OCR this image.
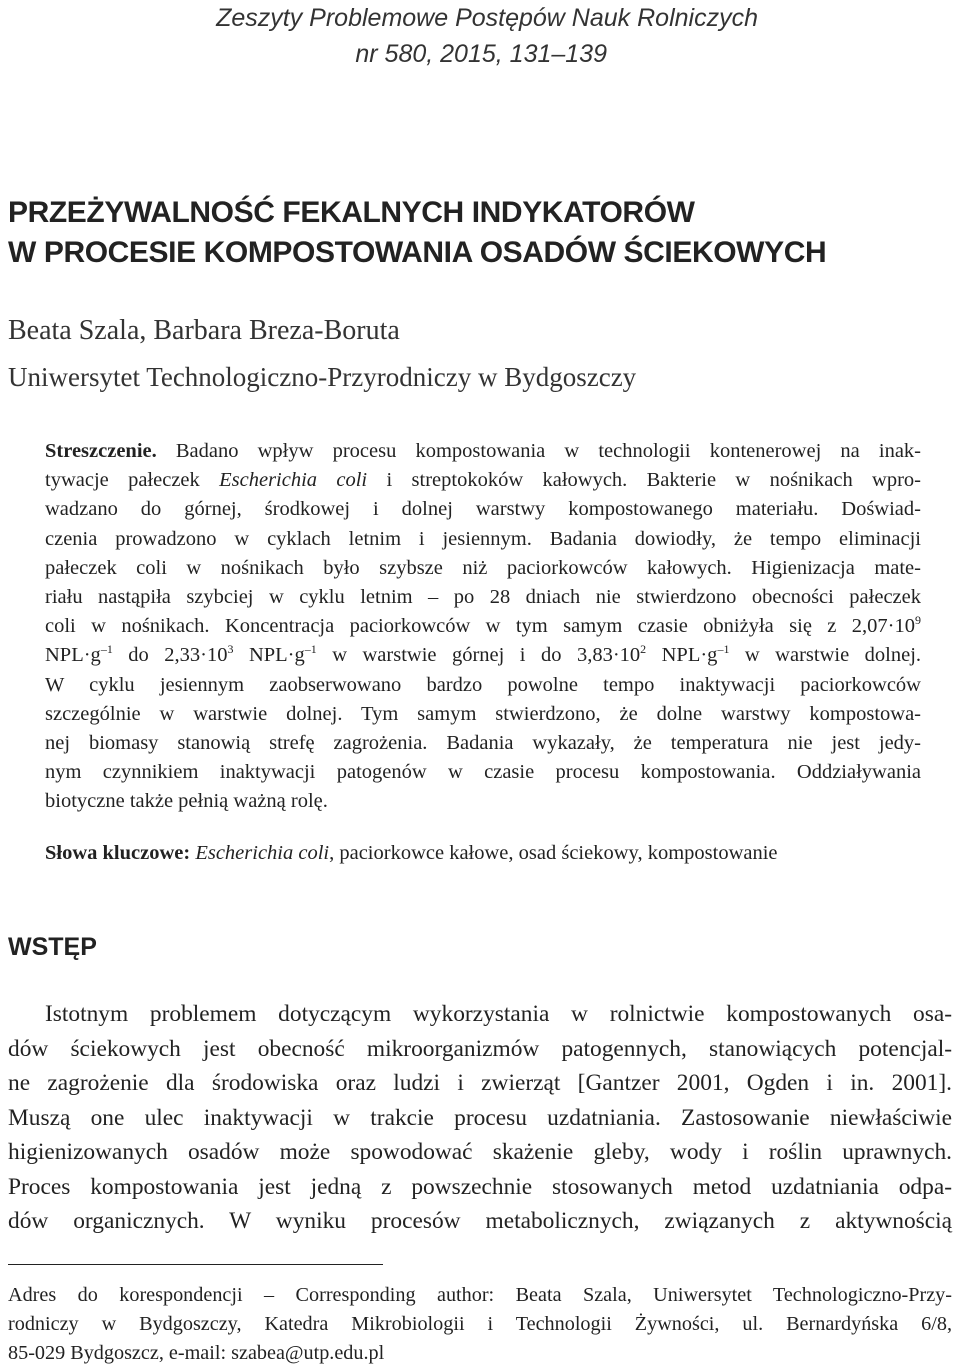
Zeszyty Problemowe Postępów Nauk Rolniczych
nr 580, 2015, 131–139
PRZEŻYWALNOŚĆ FEKALNYCH INDYKATORÓW
W PROCESIE KOMPOSTOWANIA OSADÓW ŚCIEKOWYCH
Beata Szala, Barbara Breza-Boruta
Uniwersytet Technologiczno-Przyrodniczy w Bydgoszczy
Streszczenie. Badano wpływ procesu kompostowania w technologii kontenerowej na inak-
tywacje pałeczek Escherichia coli i streptokoków kałowych. Bakterie w nośnikach wpro-
wadzano do górnej, środkowej i dolnej warstwy kompostowanego materiału. Doświad-
czenia prowadzono w cyklach letnim i jesiennym. Badania dowiodły, że tempo eliminacji
pałeczek coli w nośnikach było szybsze niż paciorkowców kałowych. Higienizacja mate-
riału nastąpiła szybciej w cyklu letnim – po 28 dniach nie stwierdzono obecności pałeczek
coli w nośnikach. Koncentracja paciorkowców w tym samym czasie obniżyła się z $2,07\cdot 10^9$
$NPL\cdot g^{-1}$ do $2,33\cdot 10^3$ $NPL\cdot g^{-1}$ w warstwie górnej i do $3,83\cdot 10^2$ $NPL\cdot g^{-1}$ w warstwie dolnej.
W cyklu jesiennym zaobserwowano bardzo powolne tempo inaktywacji paciorkowców
szczególnie w warstwie dolnej. Tym samym stwierdzono, że dolne warstwy kompostowa-
nej biomasy stanowią strefę zagrożenia. Badania wykazały, że temperatura nie jest jedy-
nym czynnikiem inaktywacji patogenów w czasie procesu kompostowania. Oddziaływania
biotyczne także pełnią ważną rolę.
Słowa kluczowe: Escherichia coli, paciorkowce kałowe, osad ściekowy, kompostowanie
WSTĘP
Istotnym problemem dotyczącym wykorzystania w rolnictwie kompostowanych osa-
dów ściekowych jest obecność mikroorganizmów patogennych, stanowiących potencjal-
ne zagrożenie dla środowiska oraz ludzi i zwierząt [Gantzer 2001, Ogden i in. 2001].
Muszą one ulec inaktywacji w trakcie procesu uzdatniania. Zastosowanie niewłaściwie
higienizowanych osadów może spowodować skażenie gleby, wody i roślin uprawnych.
Proces kompostowania jest jedną z powszechnie stosowanych metod uzdatniania odpa-
dów organicznych. W wyniku procesów metabolicznych, związanych z aktywnością
Adres do korespondencji – Corresponding author: Beata Szala, Uniwersytet Technologiczno-Przy-
rodniczy w Bydgoszczy, Katedra Mikrobiologii i Technologii Żywności, ul. Bernardyńska 6/8,
85-029 Bydgoszcz, e-mail: szabea@utp.edu.pl
